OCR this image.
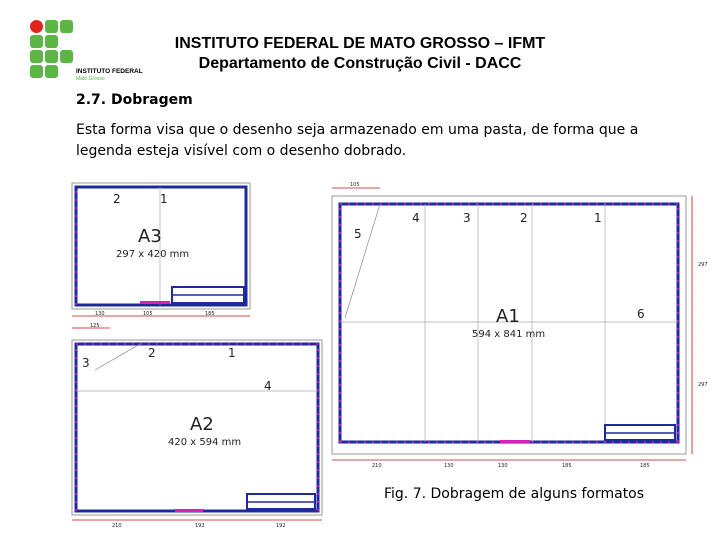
INSTITUTO FEDERAL
Mato Grosso
INSTITUTO FEDERAL DE MATO GROSSO – IFMT
Departamento de Construção Civil - DACC
2.7. Dobragem
Esta forma visa que o desenho seja armazenado em uma pasta, de forma que a legenda esteja visível com o desenho dobrado.
2	1
A3
297 x 420 mm
130	105	185
125
3
2	1
4
A2
420 x 594 mm
210	192	192
4	3	2	1
5
6
A1
594 x 841 mm
105
297
297
210	130	130	185	185
Fig. 7. Dobragem de alguns formatos
